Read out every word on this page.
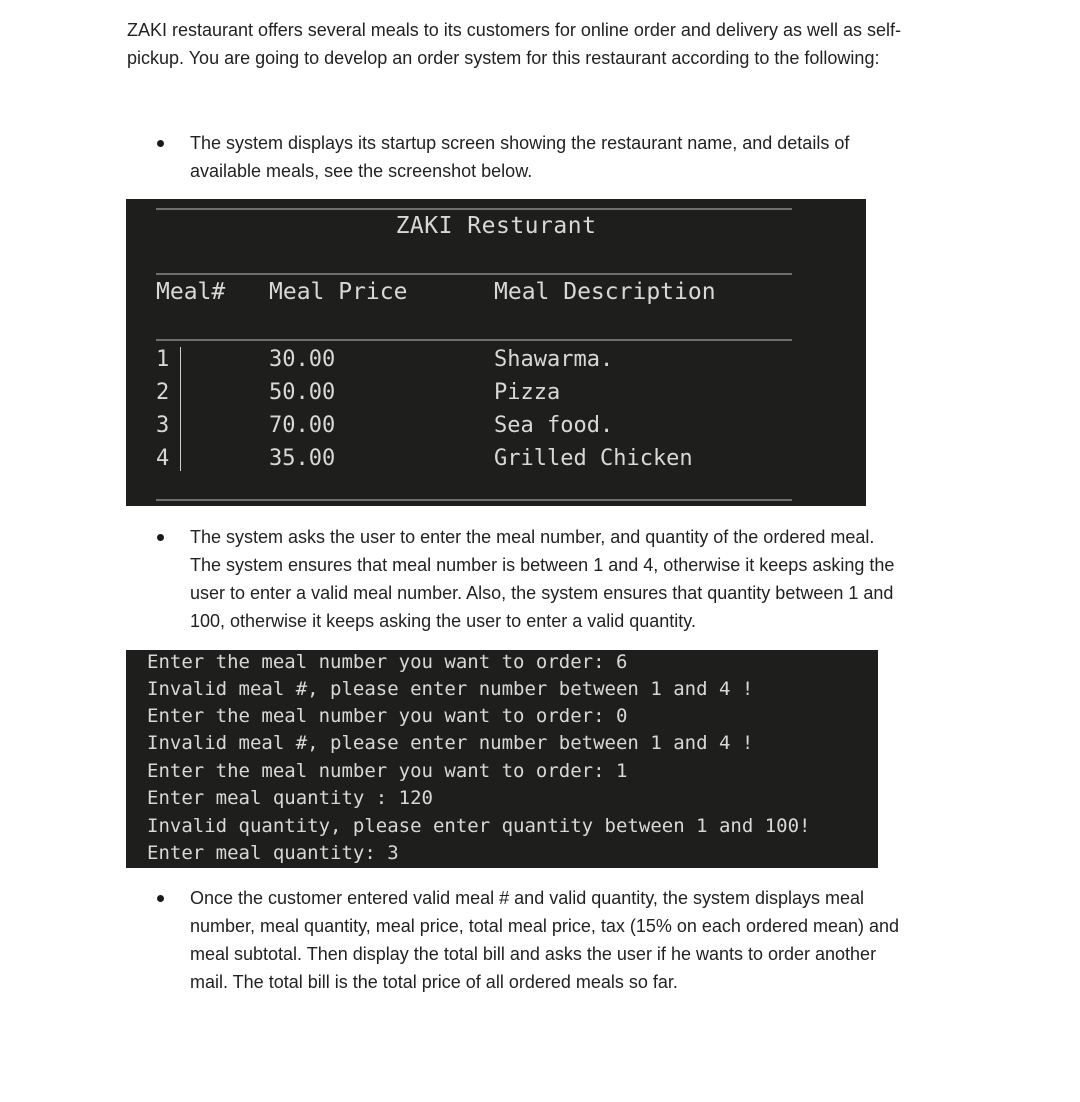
ZAKI restaurant offers several meals to its customers for online order and delivery as well as self-
pickup. You are going to develop an order system for this restaurant according to the following:
The system displays its startup screen showing the restaurant name, and details of
available meals, see the screenshot below.
ZAKI Resturant
Meal# Meal Price	Meal Description
1	30.00	Shawarma.
2	50.00	Pizza
3	70.00	Sea food.
4	35.00	Grilled Chicken
The system asks the user to enter the meal number, and quantity of the ordered meal.
The system ensures that meal number is between 1 and 4, otherwise it keeps asking the
user to enter a valid meal number. Also, the system ensures that quantity between 1 and
100, otherwise it keeps asking the user to enter a valid quantity.
Enter the meal number you want to order: 6
Invalid meal #, please enter number between 1 and 4 !
Enter the meal number you want to order: 0
Invalid meal #, please enter number between 1 and 4 !
Enter the meal number you want to order: 1
Enter meal quantity : 120
Invalid quantity, please enter quantity between 1 and 100!
Enter meal quantity: 3
Once the customer entered valid meal # and valid quantity, the system displays meal
number, meal quantity, meal price, total meal price, tax (15% on each ordered mean) and
meal subtotal. Then display the total bill and asks the user if he wants to order another
mail. The total bill is the total price of all ordered meals so far.
